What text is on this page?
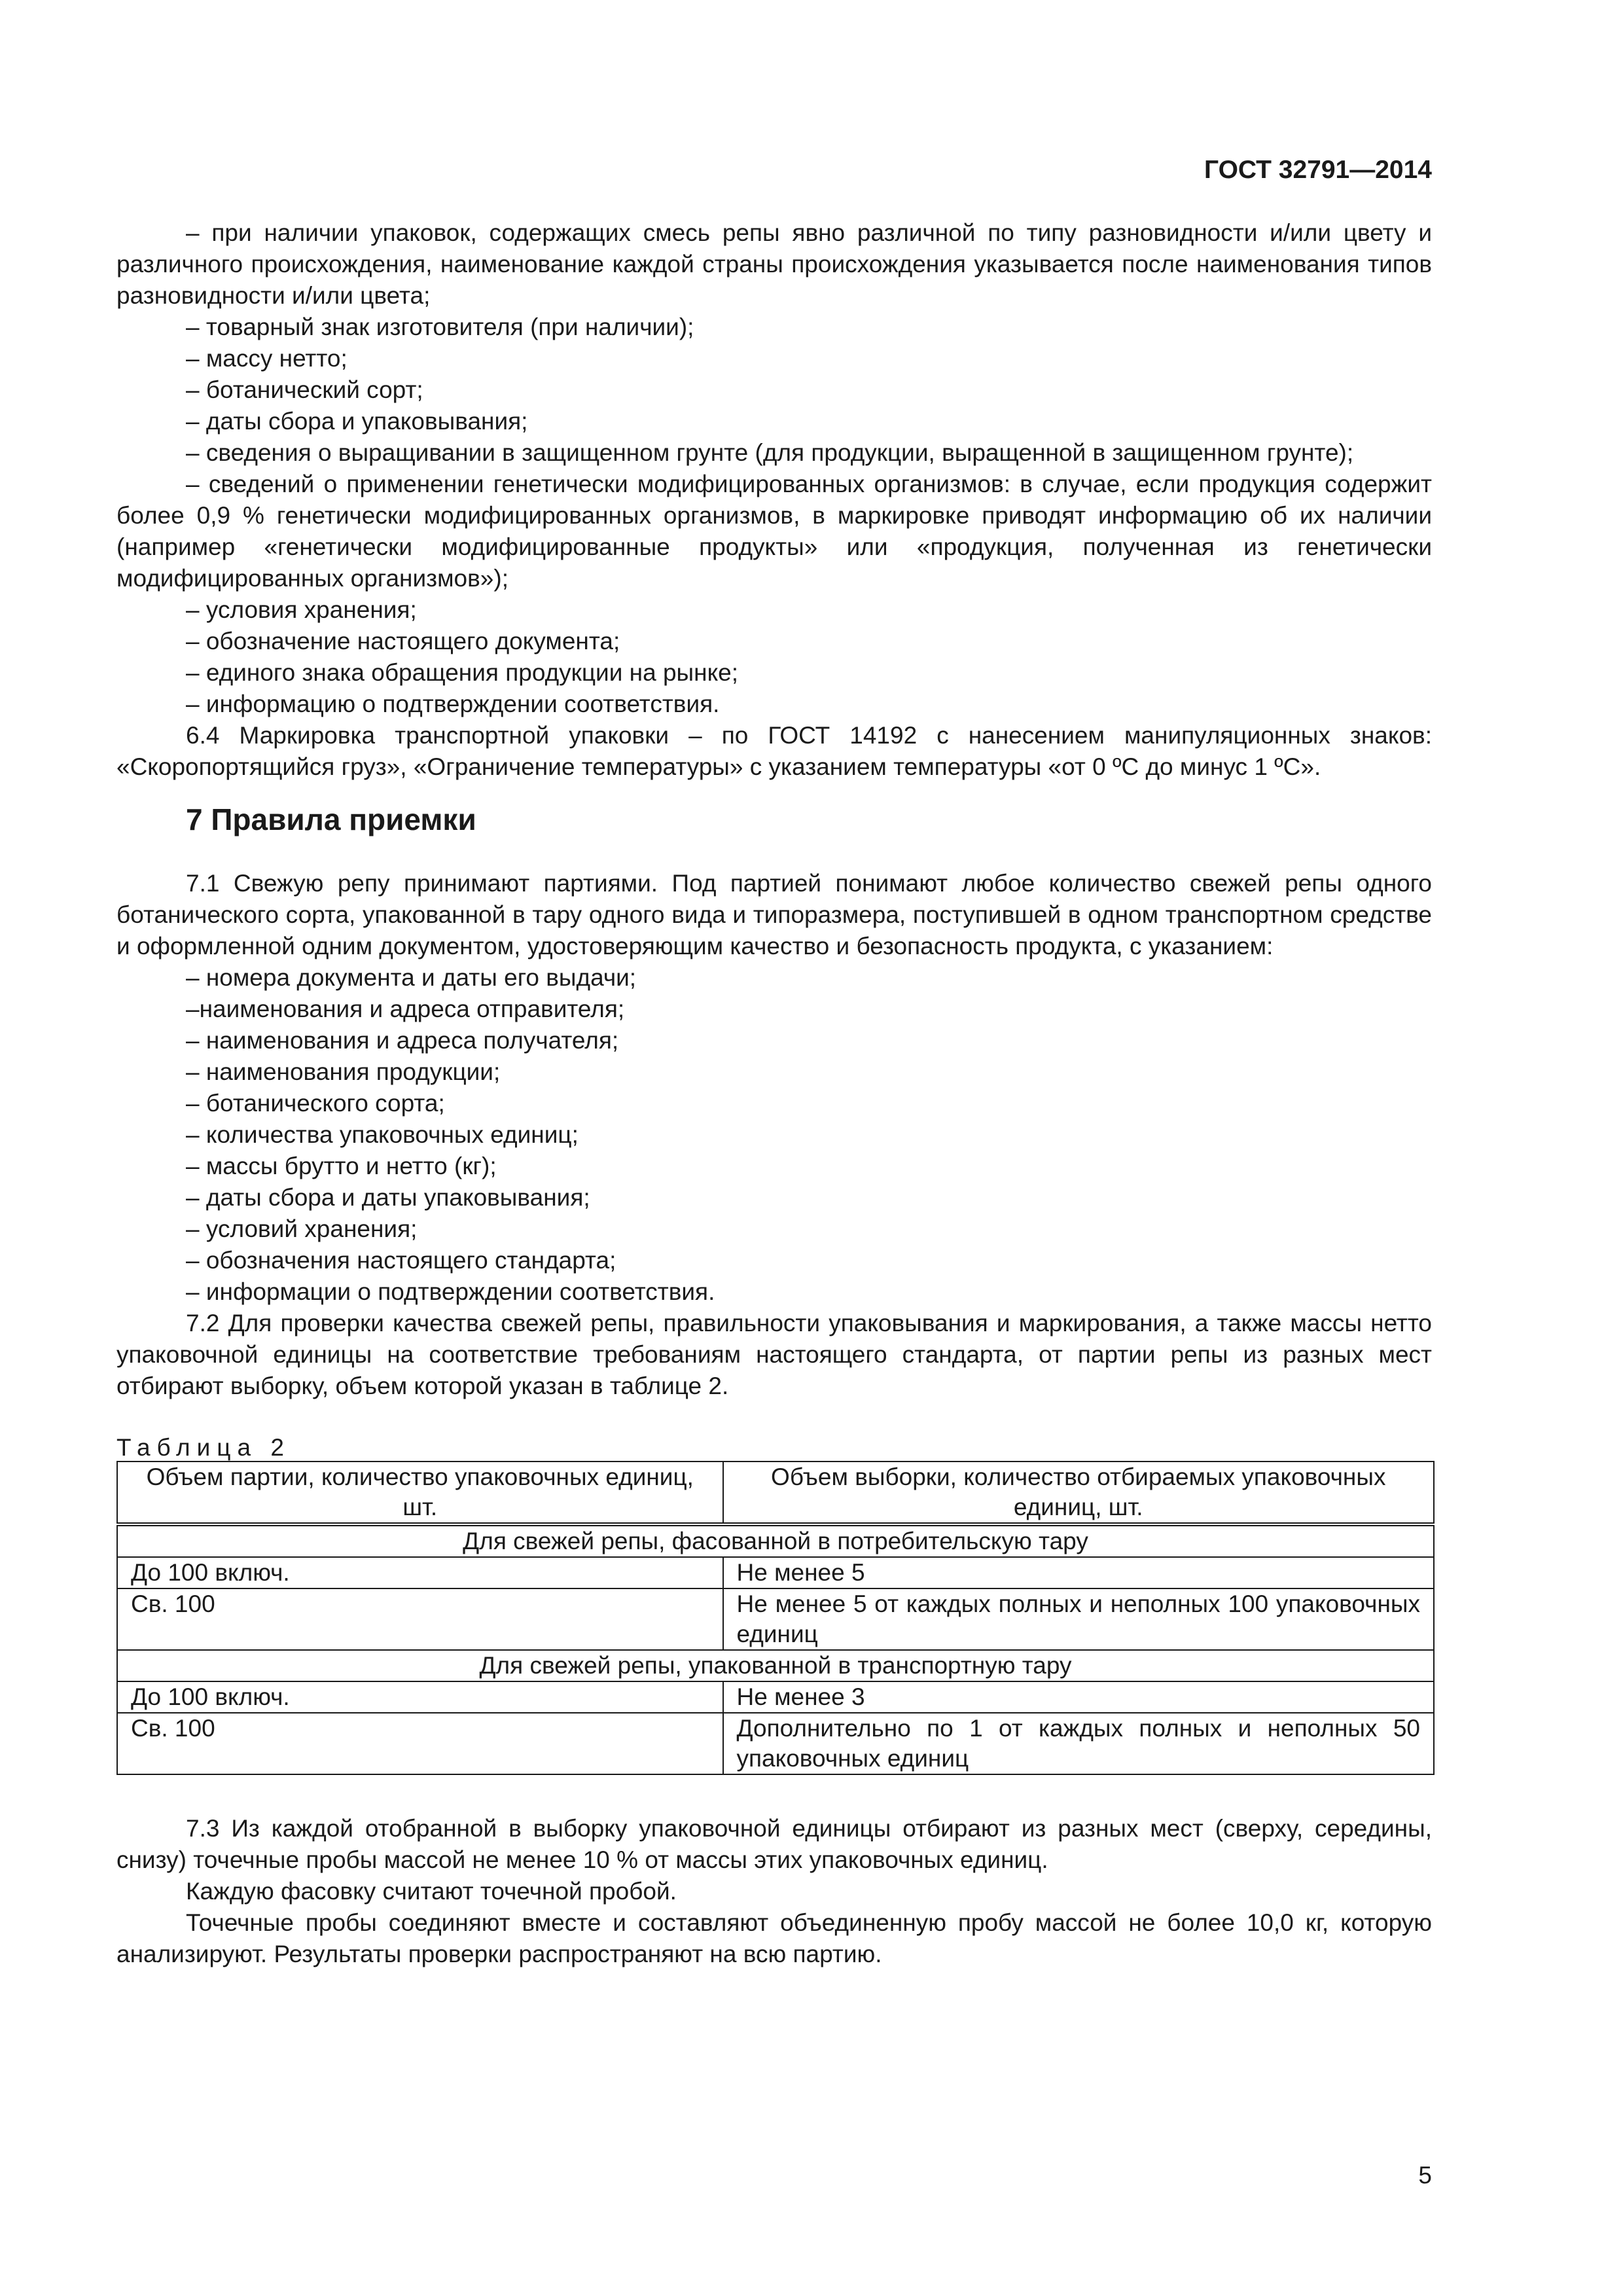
ГОСТ 32791—2014

– при наличии упаковок, содержащих смесь репы явно различной по типу разновидности и/или цвету и различного происхождения, наименование каждой страны происхождения указывается после наименования типов разновидности и/или цвета;

– товарный знак изготовителя (при наличии);

– массу нетто;

– ботанический сорт;

– даты сбора и упаковывания;

– сведения о выращивании в защищенном грунте (для продукции, выращенной в защищенном грунте);

– сведений о применении генетически модифицированных организмов: в случае, если продукция содержит более 0,9 % генетически модифицированных организмов, в маркировке приводят информацию об их наличии (например «генетически модифицированные продукты» или «продукция, полученная из генетически модифицированных организмов»);

– условия хранения;

– обозначение настоящего документа;

– единого знака обращения продукции на рынке;

– информацию о подтверждении соответствия.

6.4 Маркировка транспортной упаковки – по ГОСТ 14192 с нанесением манипуляционных знаков: «Скоропортящийся груз», «Ограничение температуры» с указанием температуры «от 0 ºС до минус 1 ºС».

7 Правила приемки

7.1 Свежую репу принимают партиями. Под партией понимают любое количество свежей репы одного ботанического сорта, упакованной в тару одного вида и типоразмера, поступившей в одном транспортном средстве и оформленной одним документом, удостоверяющим качество и безопасность продукта, с указанием:

– номера документа и даты его выдачи;

–наименования и адреса отправителя;

– наименования и адреса получателя;

– наименования продукции;

– ботанического сорта;

– количества упаковочных единиц;

– массы брутто и нетто (кг);

– даты сбора и даты упаковывания;

– условий хранения;

– обозначения настоящего стандарта;

– информации о подтверждении соответствия.

7.2 Для проверки качества свежей репы, правильности упаковывания и маркирования, а также массы нетто упаковочной единицы на соответствие требованиям настоящего стандарта, от партии репы из разных мест отбирают выборку, объем которой указан в таблице 2.

Таблица 2

Объем партии, количество упаковочных единиц, шт.	Объем выборки, количество отбираемых упаковочных единиц, шт.
Для свежей репы, фасованной в потребительскую тару	
До 100 включ.	Не менее 5
Св. 100	Не менее 5 от каждых полных и неполных 100 упаковочных единиц
Для свежей репы, упакованной в транспортную тару	
До 100 включ.	Не менее 3
Св. 100	Дополнительно по 1 от каждых полных и неполных 50 упаковочных единиц

7.3 Из каждой отобранной в выборку упаковочной единицы отбирают из разных мест (сверху, середины, снизу) точечные пробы массой не менее 10 % от массы этих упаковочных единиц.

Каждую фасовку считают точечной пробой.

Точечные пробы соединяют вместе и составляют объединенную пробу массой не более 10,0 кг, которую анализируют. Результаты проверки распространяют на всю партию.

5
